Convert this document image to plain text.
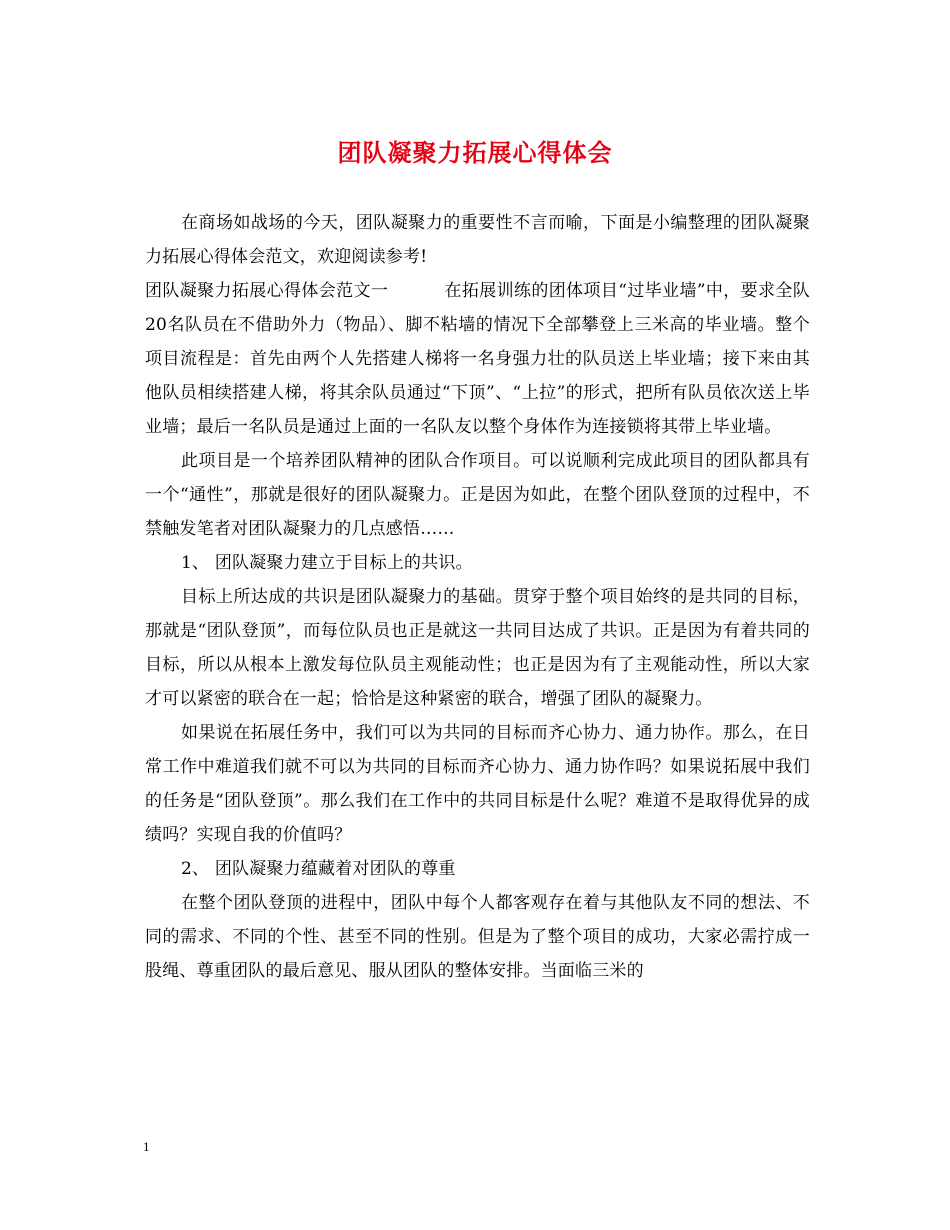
团队凝聚力拓展心得体会

在商场如战场的今天，团队凝聚力的重要性不言而喻，下面是小编整理的团队凝聚力拓展心得体会范文，欢迎阅读参考!

团队凝聚力拓展心得体会范文一	在拓展训练的团体项目“过毕业墙”中，要求全队20名队员在不借助外力（物品）、脚不粘墙的情况下全部攀登上三米高的毕业墙。整个项目流程是：首先由两个人先搭建人梯将一名身强力壮的队员送上毕业墙；接下来由其他队员相续搭建人梯，将其余队员通过“下顶”、“上拉”的形式，把所有队员依次送上毕业墙；最后一名队员是通过上面的一名队友以整个身体作为连接锁将其带上毕业墙。

此项目是一个培养团队精神的团队合作项目。可以说顺利完成此项目的团队都具有一个“通性”，那就是很好的团队凝聚力。正是因为如此，在整个团队登顶的过程中，不禁触发笔者对团队凝聚力的几点感悟……

1、 团队凝聚力建立于目标上的共识。

目标上所达成的共识是团队凝聚力的基础。贯穿于整个项目始终的是共同的目标，那就是“团队登顶”，而每位队员也正是就这一共同目达成了共识。正是因为有着共同的目标，所以从根本上激发每位队员主观能动性；也正是因为有了主观能动性，所以大家才可以紧密的联合在一起；恰恰是这种紧密的联合，增强了团队的凝聚力。

如果说在拓展任务中，我们可以为共同的目标而齐心协力、通力协作。那么，在日常工作中难道我们就不可以为共同的目标而齐心协力、通力协作吗？如果说拓展中我们的任务是“团队登顶”。那么我们在工作中的共同目标是什么呢？难道不是取得优异的成绩吗？实现自我的价值吗？

2、 团队凝聚力蕴藏着对团队的尊重

在整个团队登顶的进程中，团队中每个人都客观存在着与其他队友不同的想法、不同的需求、不同的个性、甚至不同的性别。但是为了整个项目的成功，大家必需拧成一股绳、尊重团队的最后意见、服从团队的整体安排。当面临三米的

1
